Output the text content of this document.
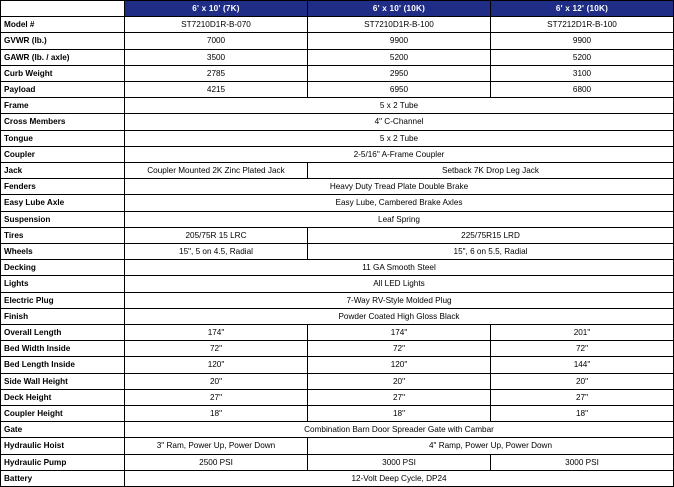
	6' x 10' (7K)	6' x 10' (10K)	6' x 12' (10K)
Model #	ST7210D1R-B-070	ST7210D1R-B-100	ST7212D1R-B-100
GVWR (lb.)	7000	9900	9900
GAWR (lb. / axle)	3500	5200	5200
Curb Weight	2785	2950	3100
Payload	4215	6950	6800
Frame	5 x 2 Tube		
Cross Members	4" C-Channel		
Tongue	5 x 2 Tube		
Coupler	2-5/16" A-Frame Coupler		
Jack	Coupler Mounted 2K Zinc Plated Jack	Setback 7K Drop Leg Jack	
Fenders	Heavy Duty Tread Plate Double Brake		
Easy Lube Axle	Easy Lube, Cambered Brake Axles		
Suspension	Leaf Spring		
Tires	205/75R 15 LRC	225/75R15 LRD	
Wheels	15", 5 on 4.5, Radial	15", 6 on 5.5, Radial	
Decking	11 GA Smooth Steel		
Lights	All LED Lights		
Electric Plug	7-Way RV-Style Molded Plug		
Finish	Powder Coated High Gloss Black		
Overall Length	174"	174"	201"
Bed Width Inside	72"	72"	72"
Bed Length Inside	120"	120"	144"
Side Wall Height	20"	20"	20"
Deck Height	27"	27"	27"
Coupler Height	18"	18"	18"
Gate	Combination Barn Door Spreader Gate with Cambar		
Hydraulic Hoist	3" Ram, Power Up, Power Down	4" Ramp, Power Up, Power Down	
Hydraulic Pump	2500 PSI	3000 PSI	3000 PSI
Battery	12-Volt Deep Cycle, DP24		
